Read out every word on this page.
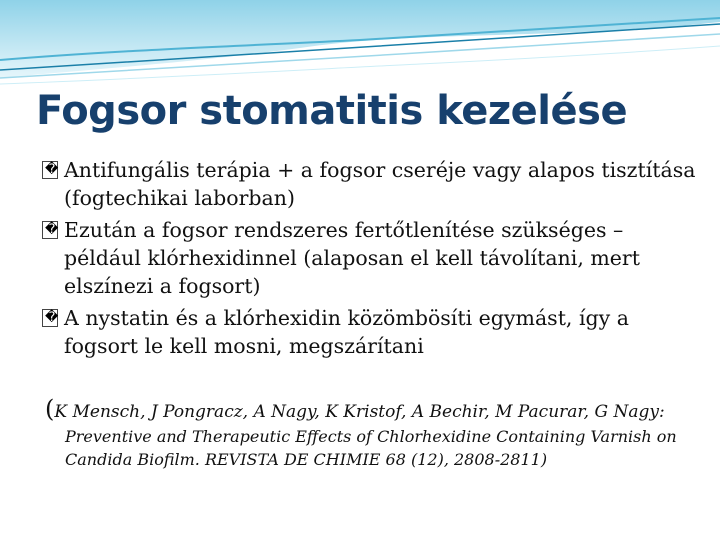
Fogsor stomatitis kezelése
� Antifungális terápia + a fogsor cseréje vagy alapos tisztítása (fogtechikai laborban)
� Ezután a fogsor rendszeres fertőtlenítése szükséges – például klórhexidinnel (alaposan el kell távolítani, mert elszínezi a fogsort)
� A nystatin és a klórhexidin közömbösíti egymást, így a fogsort le kell mosni, megszárítani
(K Mensch, J Pongracz, A Nagy, K Kristof, A Bechir, M Pacurar, G Nagy:
Preventive and Therapeutic Effects of Chlorhexidine Containing Varnish on Candida Biofilm. REVISTA DE CHIMIE 68 (12), 2808-2811)
